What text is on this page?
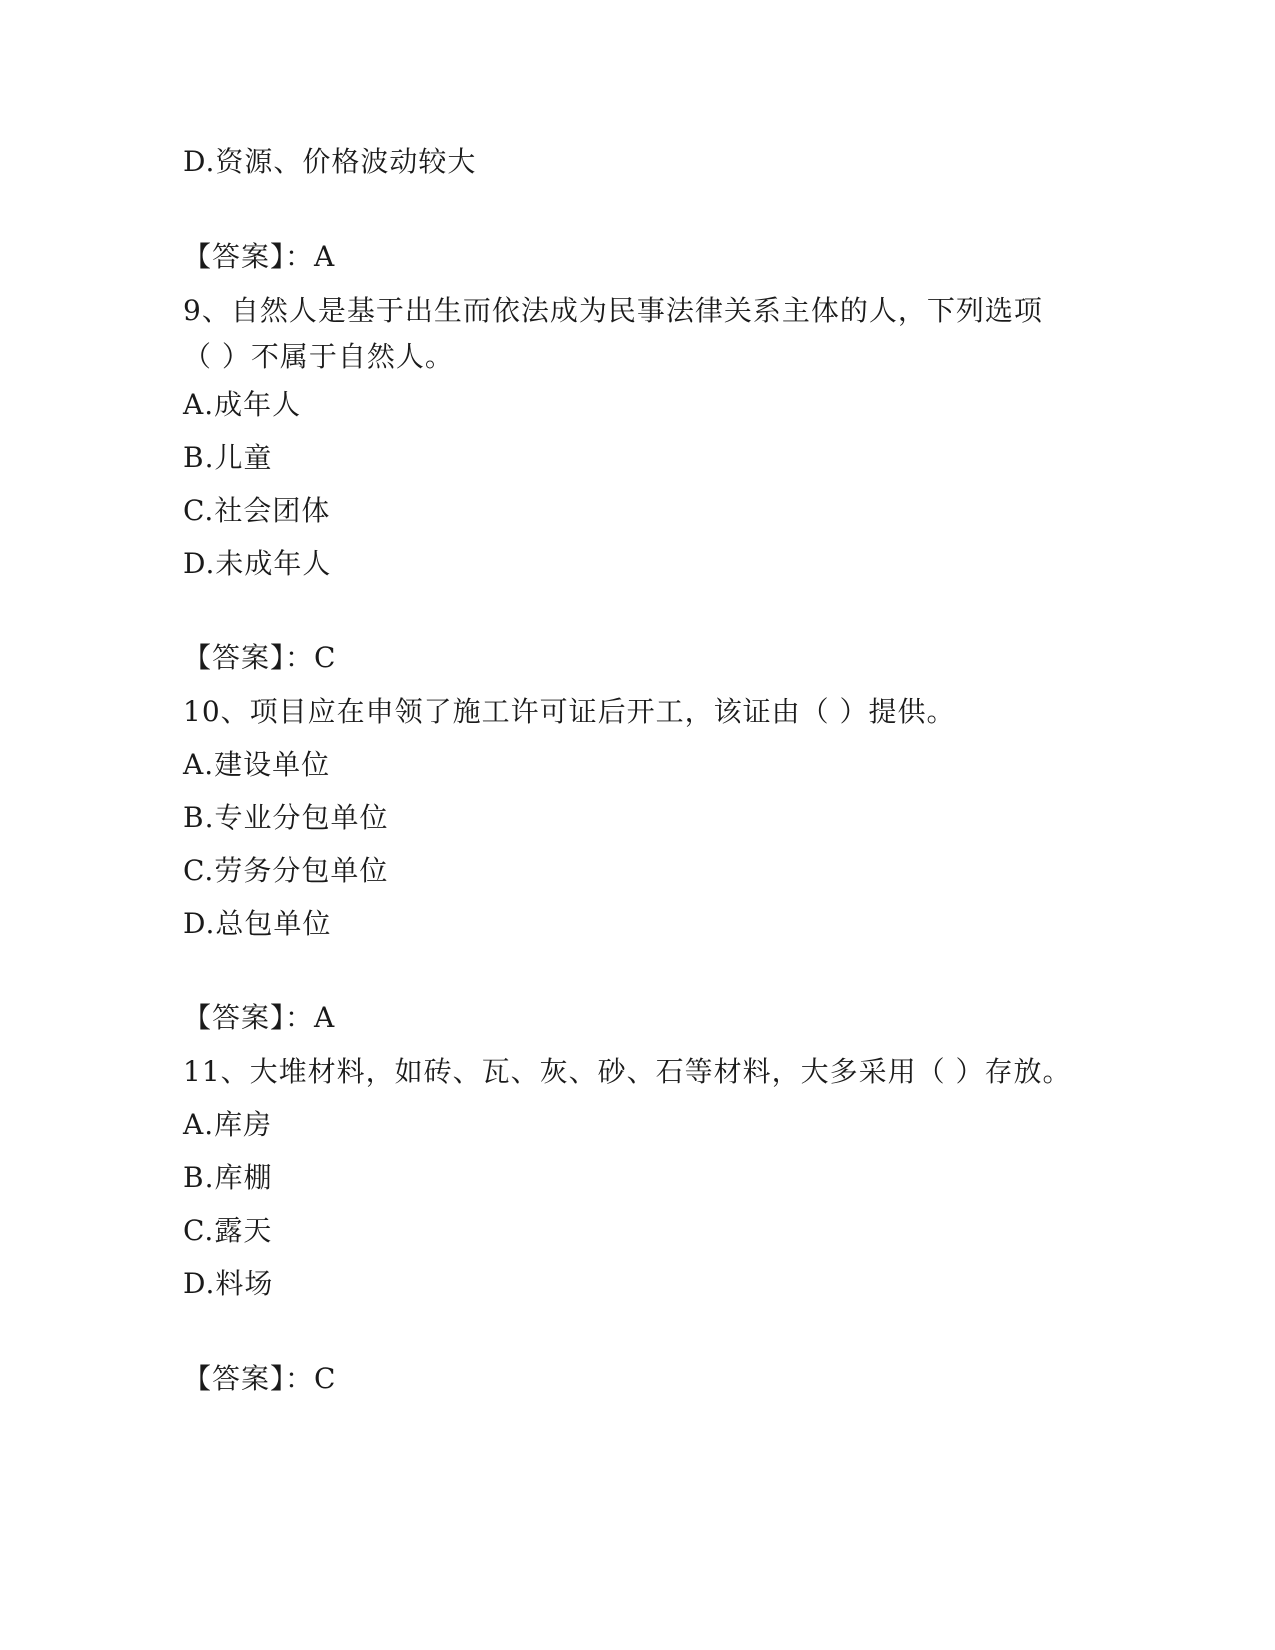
D.资源、价格波动较大
【答案】：A
9、自然人是基于出生而依法成为民事法律关系主体的人，下列选项（ ）不属于自然人。
A.成年人
B.儿童
C.社会团体
D.未成年人
【答案】：C
10、项目应在申领了施工许可证后开工，该证由（ ）提供。
A.建设单位
B.专业分包单位
C.劳务分包单位
D.总包单位
【答案】：A
11、大堆材料，如砖、瓦、灰、砂、石等材料，大多采用（ ）存放。
A.库房
B.库棚
C.露天
D.料场
【答案】：C
